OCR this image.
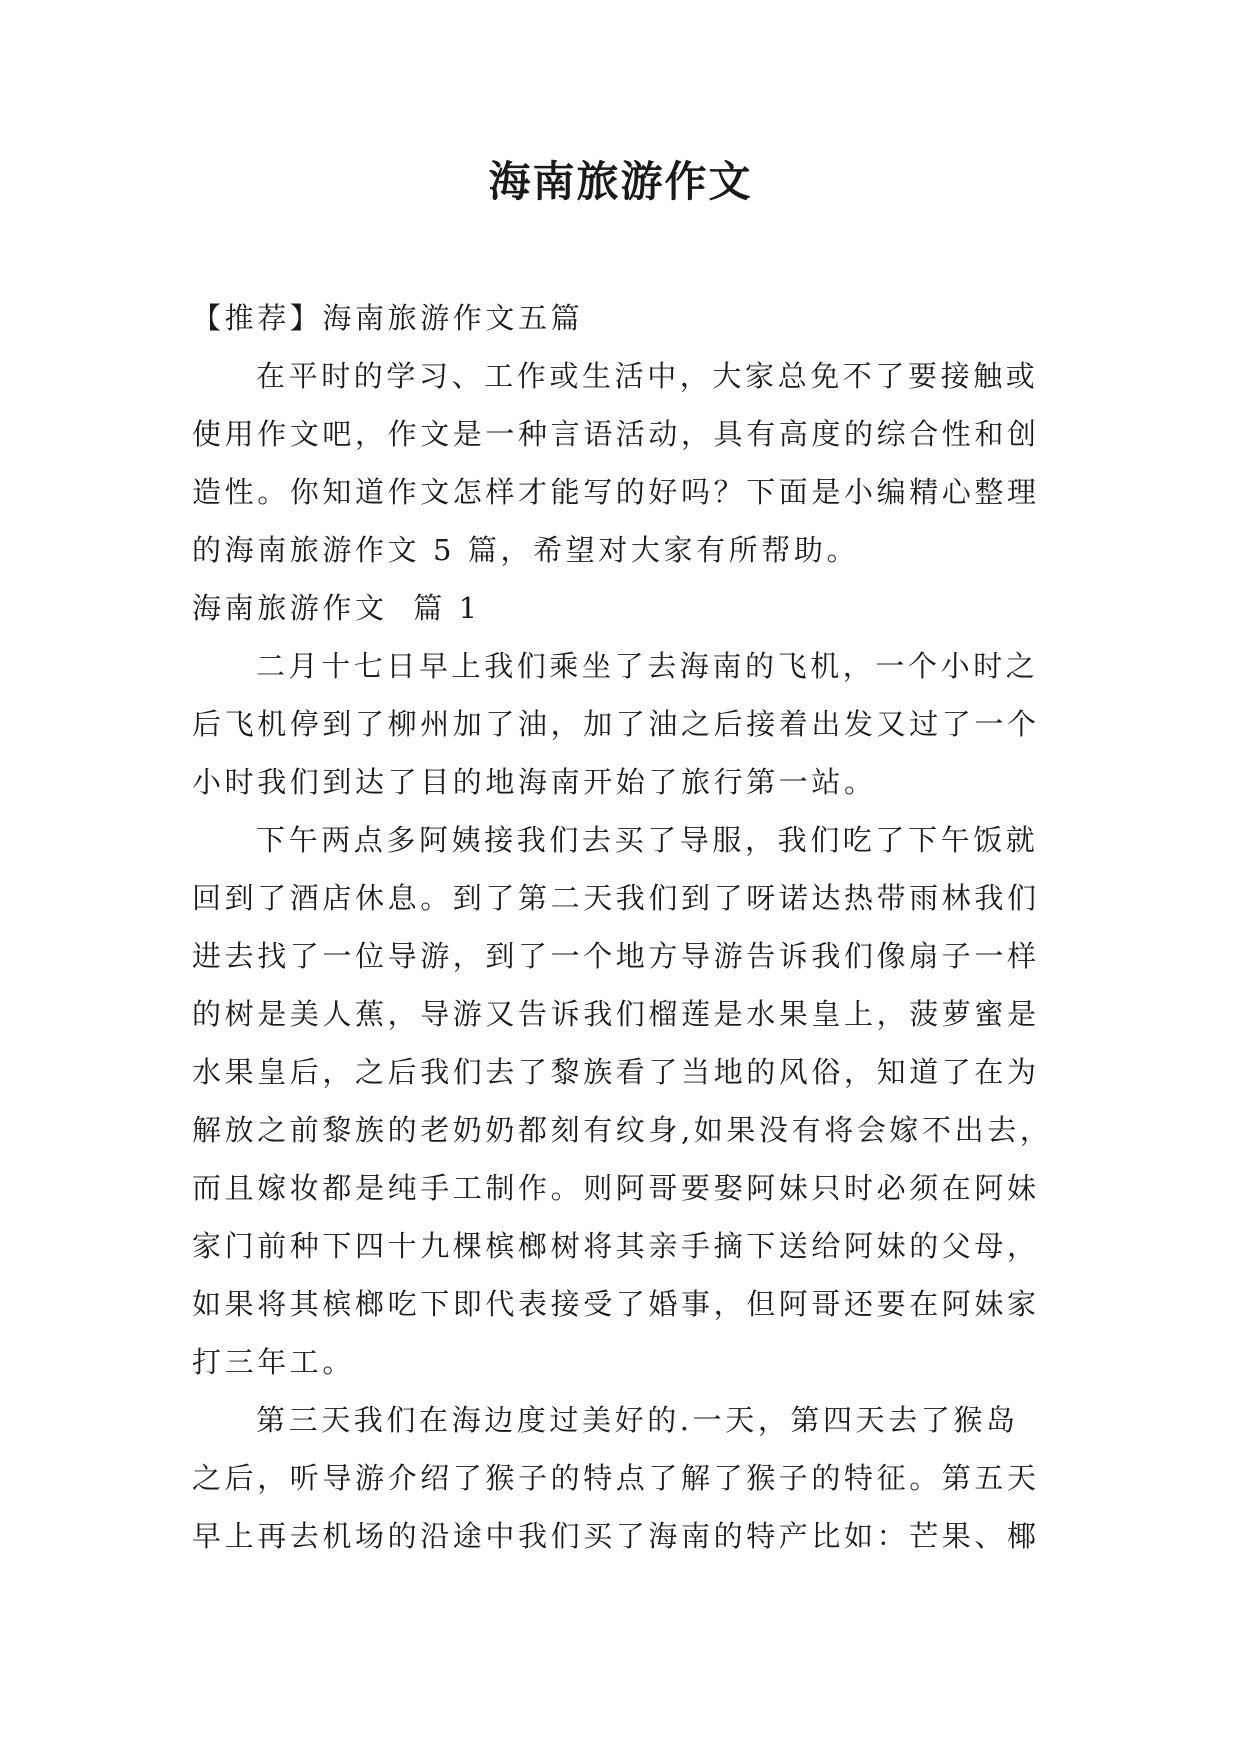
海南旅游作文

【推荐】海南旅游作文五篇

在平时的学习、工作或生活中，大家总免不了要接触或

使用作文吧，作文是一种言语活动，具有高度的综合性和创

造性。你知道作文怎样才能写的好吗？下面是小编精心整理

的海南旅游作文 5 篇，希望对大家有所帮助。

海南旅游作文  篇 1

二月十七日早上我们乘坐了去海南的飞机，一个小时之

后飞机停到了柳州加了油，加了油之后接着出发又过了一个

小时我们到达了目的地海南开始了旅行第一站。

下午两点多阿姨接我们去买了导服，我们吃了下午饭就

回到了酒店休息。到了第二天我们到了呀诺达热带雨林我们

进去找了一位导游，到了一个地方导游告诉我们像扇子一样

的树是美人蕉，导游又告诉我们榴莲是水果皇上，菠萝蜜是

水果皇后，之后我们去了黎族看了当地的风俗，知道了在为

解放之前黎族的老奶奶都刻有纹身,如果没有将会嫁不出去，

而且嫁妆都是纯手工制作。则阿哥要娶阿妹只时必须在阿妹

家门前种下四十九棵槟榔树将其亲手摘下送给阿妹的父母，

如果将其槟榔吃下即代表接受了婚事，但阿哥还要在阿妹家

打三年工。

第三天我们在海边度过美好的.一天，第四天去了猴岛

之后，听导游介绍了猴子的特点了解了猴子的特征。第五天

早上再去机场的沿途中我们买了海南的特产比如：芒果、椰
